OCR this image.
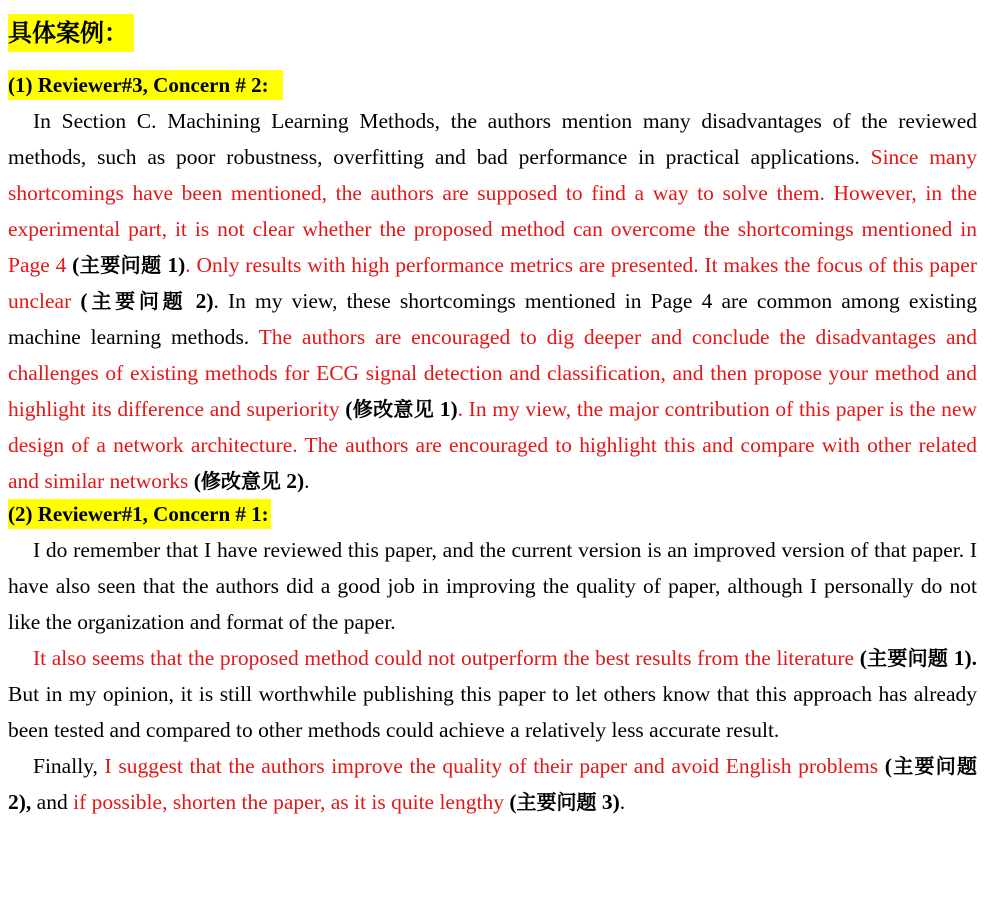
具体案例：
(1) Reviewer#3, Concern # 2:

In Section C. Machining Learning Methods, the authors mention many disadvantages of the reviewed methods, such as poor robustness, overfitting and bad performance in practical applications. Since many shortcomings have been mentioned, the authors are supposed to find a way to solve them. However, in the experimental part, it is not clear whether the proposed method can overcome the shortcomings mentioned in Page 4 (主要问题 1). Only results with high performance metrics are presented. It makes the focus of this paper unclear (主要问题 2). In my view, these shortcomings mentioned in Page 4 are common among existing machine learning methods. The authors are encouraged to dig deeper and conclude the disadvantages and challenges of existing methods for ECG signal detection and classification, and then propose your method and highlight its difference and superiority (修改意见 1). In my view, the major contribution of this paper is the new design of a network architecture. The authors are encouraged to highlight this and compare with other related and similar networks (修改意见 2).

(2) Reviewer#1, Concern # 1:

I do remember that I have reviewed this paper, and the current version is an improved version of that paper. I have also seen that the authors did a good job in improving the quality of paper, although I personally do not like the organization and format of the paper.

It also seems that the proposed method could not outperform the best results from the literature (主要问题 1). But in my opinion, it is still worthwhile publishing this paper to let others know that this approach has already been tested and compared to other methods could achieve a relatively less accurate result.

Finally, I suggest that the authors improve the quality of their paper and avoid English problems (主要问题 2), and if possible, shorten the paper, as it is quite lengthy (主要问题 3).
